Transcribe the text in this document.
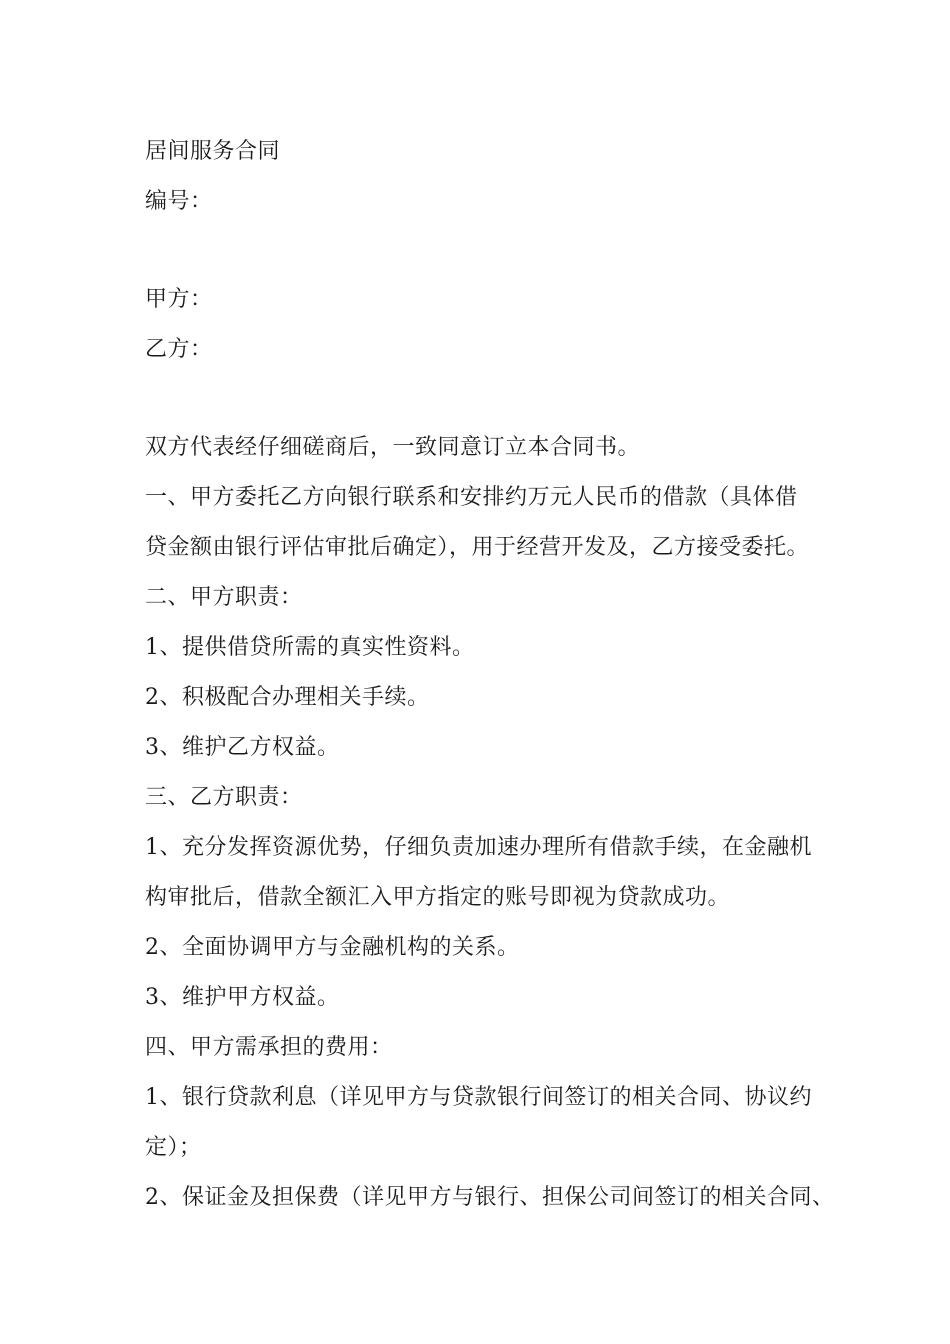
居间服务合同
编号：
甲方：
乙方：
双方代表经仔细磋商后，一致同意订立本合同书。
一、甲方委托乙方向银行联系和安排约万元人民币的借款（具体借
贷金额由银行评估审批后确定），用于经营开发及，乙方接受委托。
二、甲方职责：
1、提供借贷所需的真实性资料。
2、积极配合办理相关手续。
3、维护乙方权益。
三、乙方职责：
1、充分发挥资源优势，仔细负责加速办理所有借款手续，在金融机
构审批后，借款全额汇入甲方指定的账号即视为贷款成功。
2、全面协调甲方与金融机构的关系。
3、维护甲方权益。
四、甲方需承担的费用：
1、银行贷款利息（详见甲方与贷款银行间签订的相关合同、协议约
定）；
2、保证金及担保费（详见甲方与银行、担保公司间签订的相关合同、
